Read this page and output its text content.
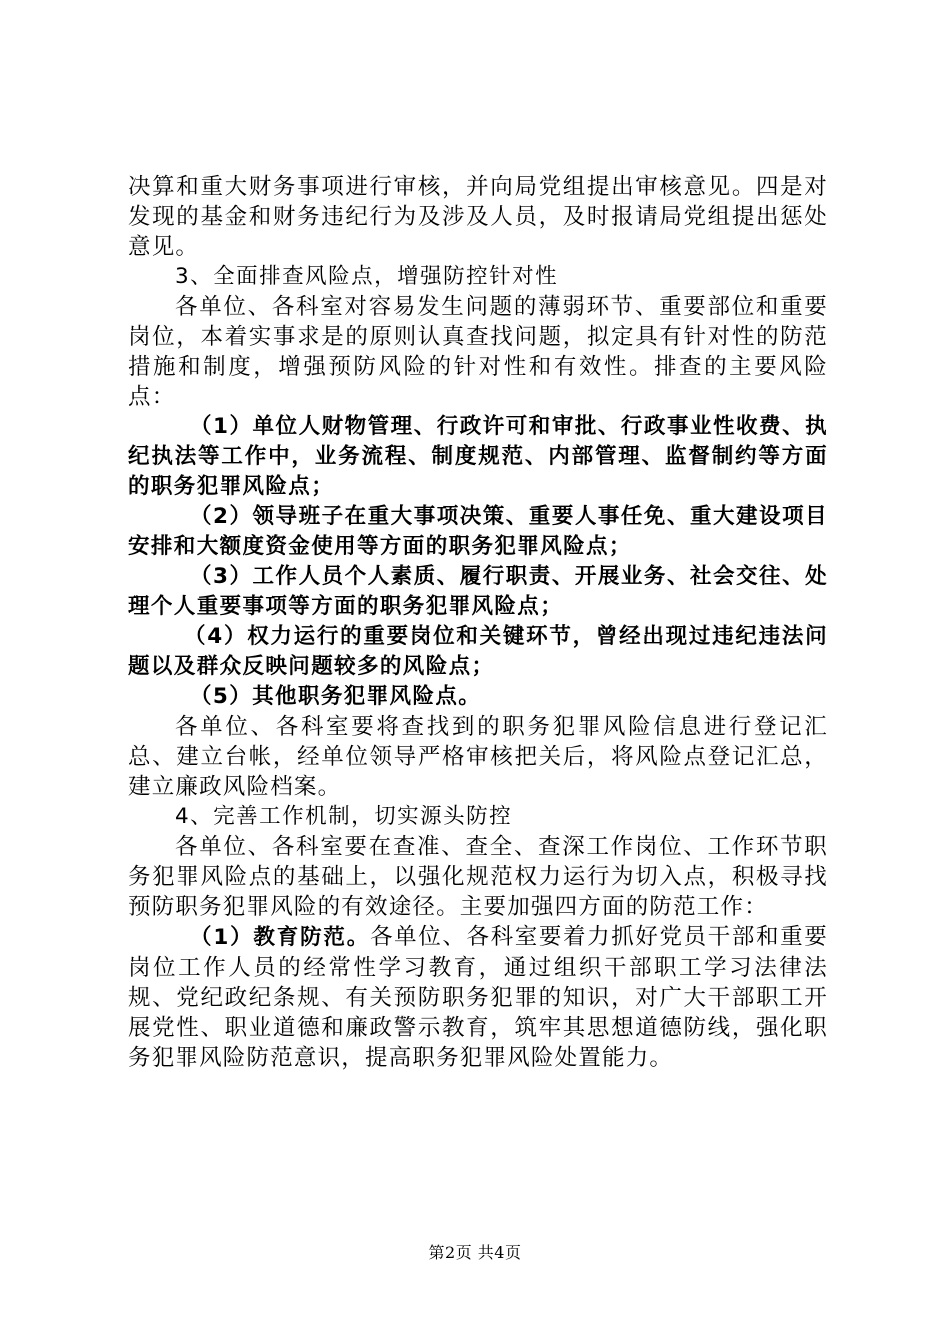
决算和重大财务事项进行审核，并向局党组提出审核意见。四是对发现的基金和财务违纪行为及涉及人员，及时报请局党组提出惩处意见。

3、全面排查风险点，增强防控针对性

各单位、各科室对容易发生问题的薄弱环节、重要部位和重要岗位，本着实事求是的原则认真查找问题，拟定具有针对性的防范措施和制度，增强预防风险的针对性和有效性。排查的主要风险点：

（1）单位人财物管理、行政许可和审批、行政事业性收费、执纪执法等工作中，业务流程、制度规范、内部管理、监督制约等方面的职务犯罪风险点；

（2）领导班子在重大事项决策、重要人事任免、重大建设项目安排和大额度资金使用等方面的职务犯罪风险点；

（3）工作人员个人素质、履行职责、开展业务、社会交往、处理个人重要事项等方面的职务犯罪风险点；

（4）权力运行的重要岗位和关键环节，曾经出现过违纪违法问题以及群众反映问题较多的风险点；

（5）其他职务犯罪风险点。

各单位、各科室要将查找到的职务犯罪风险信息进行登记汇总、建立台帐，经单位领导严格审核把关后，将风险点登记汇总，建立廉政风险档案。

4、完善工作机制，切实源头防控

各单位、各科室要在查准、查全、查深工作岗位、工作环节职务犯罪风险点的基础上，以强化规范权力运行为切入点，积极寻找预防职务犯罪风险的有效途径。主要加强四方面的防范工作：

（1）教育防范。各单位、各科室要着力抓好党员干部和重要岗位工作人员的经常性学习教育，通过组织干部职工学习法律法规、党纪政纪条规、有关预防职务犯罪的知识，对广大干部职工开展党性、职业道德和廉政警示教育，筑牢其思想道德防线，强化职务犯罪风险防范意识，提高职务犯罪风险处置能力。

第2页 共4页
